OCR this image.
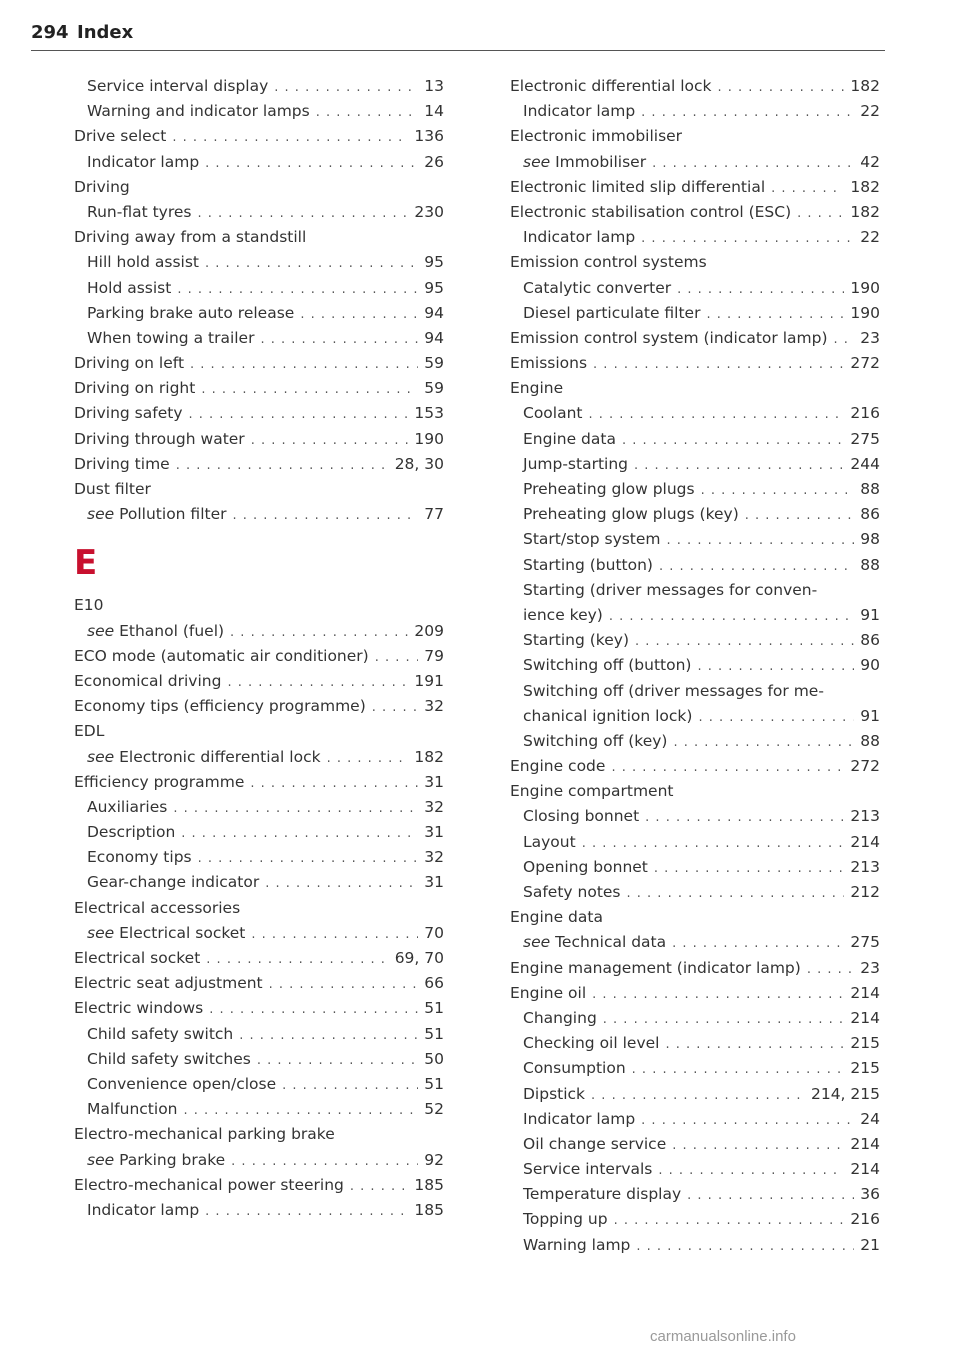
294 Index
Service interval display . . .	13
Warning and indicator lamps . . .	14
Drive select . . .	136
Indicator lamp . . .	26
Driving
Run-flat tyres . . .	230
Driving away from a standstill
Hill hold assist . . .	95
Hold assist . . .	95
Parking brake auto release . . .	94
When towing a trailer . . .	94
Driving on left . . .	59
Driving on right . . .	59
Driving safety . . .	153
Driving through water . . .	190
Driving time . . .	28, 30
Dust filter
see Pollution filter . . .	77
E
E10
see Ethanol (fuel) . . .	209
ECO mode (automatic air conditioner) . . .	79
Economical driving . . .	191
Economy tips (efficiency programme) . . .	32
EDL
see Electronic differential lock . . .	182
Efficiency programme . . .	31
Auxiliaries . . .	32
Description . . .	31
Economy tips . . .	32
Gear-change indicator . . .	31
Electrical accessories
see Electrical socket . . .	70
Electrical socket . . .	69, 70
Electric seat adjustment . . .	66
Electric windows . . .	51
Child safety switch . . .	51
Child safety switches . . .	50
Convenience open/close . . .	51
Malfunction . . .	52
Electro-mechanical parking brake
see Parking brake . . .	92
Electro-mechanical power steering . . .	185
Indicator lamp . . .	185
Electronic differential lock . . .	182
Indicator lamp . . .	22
Electronic immobiliser
see Immobiliser . . .	42
Electronic limited slip differential . . .	182
Electronic stabilisation control (ESC) . . .	182
Indicator lamp . . .	22
Emission control systems
Catalytic converter . . .	190
Diesel particulate filter . . .	190
Emission control system (indicator lamp) . . . 23
Emissions . . .	272
Engine
Coolant . . .	216
Engine data . . .	275
Jump-starting . . .	244
Preheating glow plugs . . .	88
Preheating glow plugs (key) . . .	86
Start/stop system . . .	98
Starting (button) . . .	88
Starting (driver messages for conven-
ience key) . . .	91
Starting (key) . . .	86
Switching off (button) . . .	90
Switching off (driver messages for me-
chanical ignition lock) . . .	91
Switching off (key) . . .	88
Engine code . . .	272
Engine compartment
Closing bonnet . . .	213
Layout . . .	214
Opening bonnet . . .	213
Safety notes . . .	212
Engine data
see Technical data . . .	275
Engine management (indicator lamp) . . .	23
Engine oil . . .	214
Changing . . .	214
Checking oil level . . .	215
Consumption . . .	215
Dipstick . . .	214, 215
Indicator lamp . . .	24
Oil change service . . .	214
Service intervals . . .	214
Temperature display . . .	36
Topping up . . .	216
Warning lamp . . .	21
carmanualsonline.info
